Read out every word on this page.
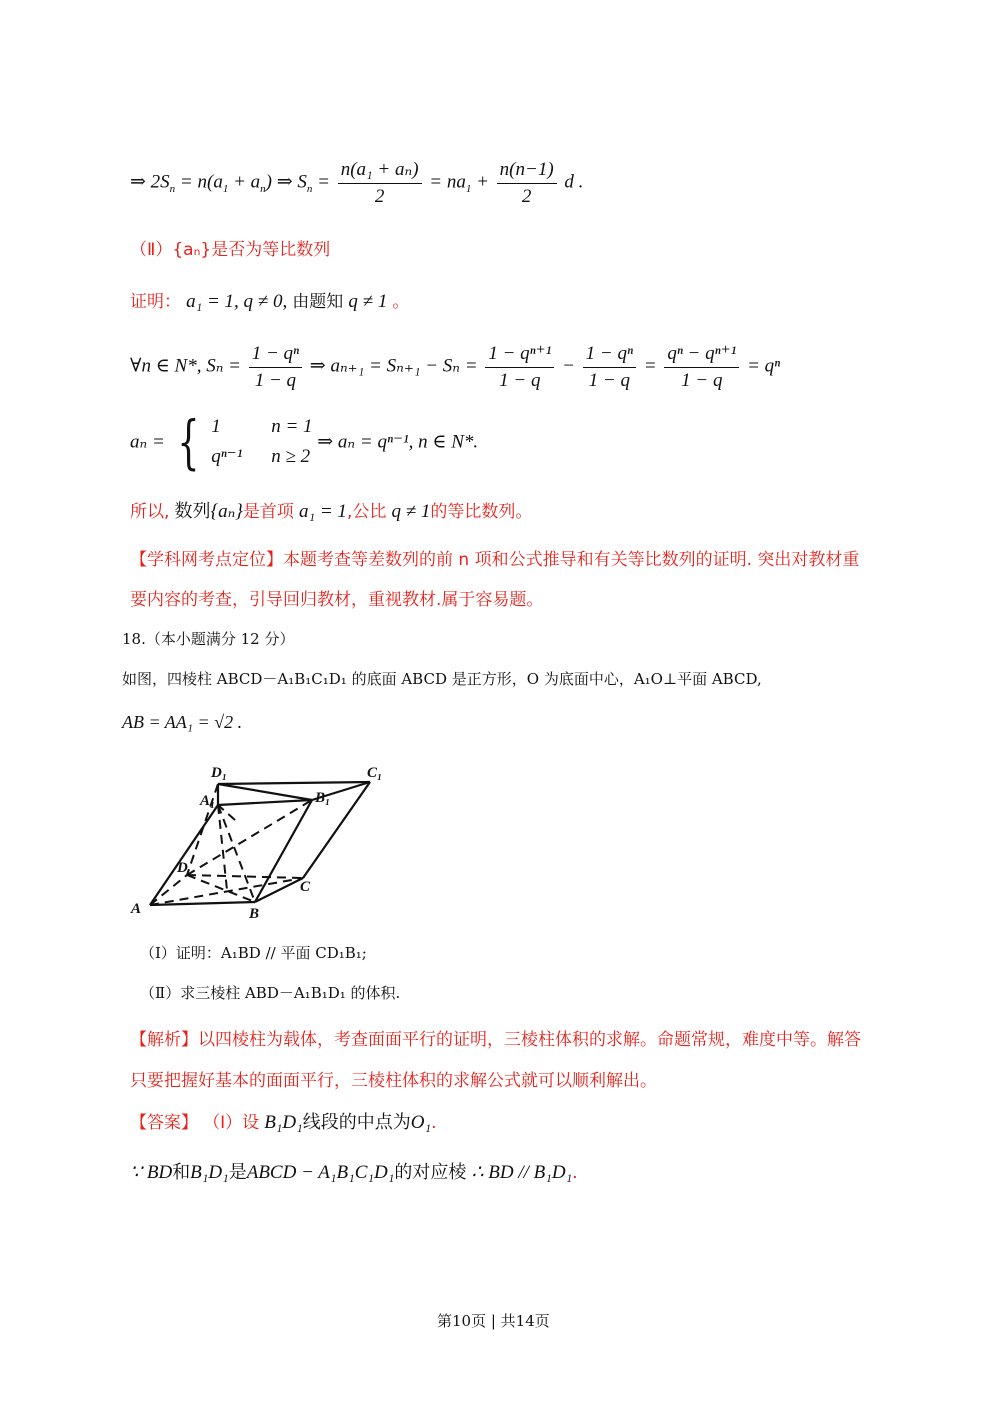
⇒ $2S_n = n(a_1 + a_n)$ ⇒ $S_n = \frac{\text{n(a₁ + aₙ)}}{2} = na_1 + \frac{n(n-1)}{2}$ d .
（Ⅱ）{aₙ}是否为等比数列
证明： a₁ = 1, q ≠ 0, 由题知 q ≠ 1 。
∀n ∈ N*, $S_n = \frac{\text{1 − qⁿ}}{1 - q}$ ⇒ $a_{n+1} = S_{n+1} - S_n = \frac{\text{1 − qⁿ⁺¹}}{1 - q} - \frac{\text{1 − qⁿ}}{1 - q} = \frac{\text{qⁿ − qⁿ⁺¹}}{1 - q} = q^n$
aₙ = { 1	n = 1
qⁿ⁻¹ n ≥ 2
⇒ aₙ = qⁿ⁻¹, n ∈ N*.
所以, 数列{aₙ}是首项 a₁ = 1,公比 q ≠ 1的等比数列。
【学科网考点定位】本题考查等差数列的前 n 项和公式推导和有关等比数列的证明. 突出对教材重
要内容的考查，引导回归教材，重视教材.属于容易题。
18.（本小题满分 12 分）
如图，四棱柱 ABCD－A₁B₁C₁D₁ 的底面 ABCD 是正方形，O 为底面中心，A₁O⊥平面 ABCD,
AB = AA₁ = √2 .
D₁	C₁
A₁	B₁
D
C
A	B
（Ⅰ）证明：A₁BD // 平面 CD₁B₁;
（Ⅱ）求三棱柱 ABD－A₁B₁D₁ 的体积.
【解析】以四棱柱为载体，考查面面平行的证明，三棱柱体积的求解。命题常规，难度中等。解答
只要把握好基本的面面平行，三棱柱体积的求解公式就可以顺利解出。
【答案】 （Ⅰ）设 B₁D₁线段的中点为O₁.
∵ BD和B₁D₁是ABCD − A₁B₁C₁D₁的对应棱 ∴ BD // B₁D₁.
第10页 | 共14页
